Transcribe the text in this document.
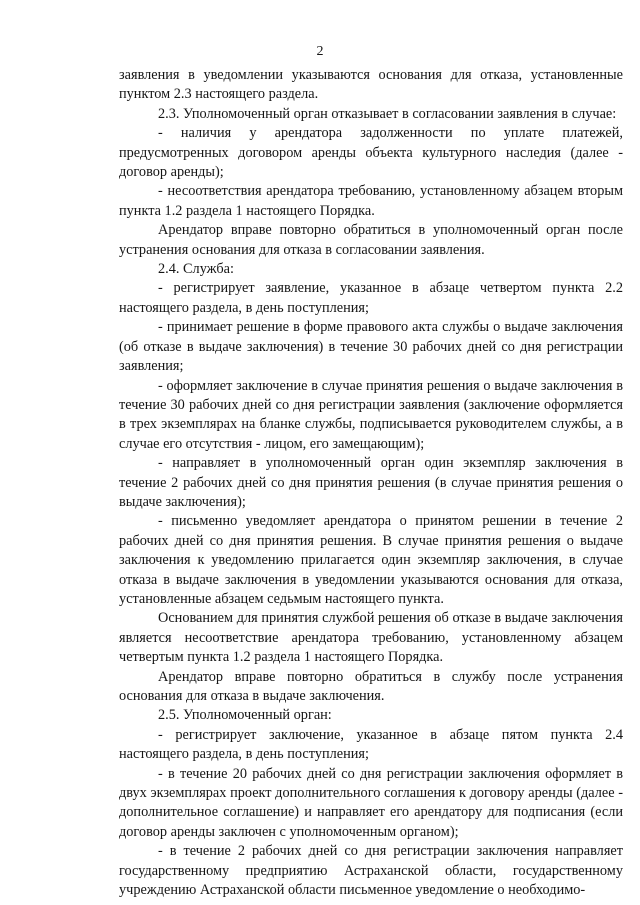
2

заявления в уведомлении указываются основания для отказа, установленные пунктом 2.3 настоящего раздела.

2.3. Уполномоченный орган отказывает в согласовании заявления в случае:

- наличия у арендатора задолженности по уплате платежей, предусмотренных договором аренды объекта культурного наследия (далее - договор аренды);

- несоответствия арендатора требованию, установленному абзацем вторым пункта 1.2 раздела 1 настоящего Порядка.

Арендатор вправе повторно обратиться в уполномоченный орган после устранения основания для отказа в согласовании заявления.

2.4. Служба:

- регистрирует заявление, указанное в абзаце четвертом пункта 2.2 настоящего раздела, в день поступления;

- принимает решение в форме правового акта службы о выдаче заключения (об отказе в выдаче заключения) в течение 30 рабочих дней со дня регистрации заявления;

- оформляет заключение в случае принятия решения о выдаче заключения в течение 30 рабочих дней со дня регистрации заявления (заключение оформляется в трех экземплярах на бланке службы, подписывается руководителем службы, а в случае его отсутствия - лицом, его замещающим);

- направляет в уполномоченный орган один экземпляр заключения в течение 2 рабочих дней со дня принятия решения (в случае принятия решения о выдаче заключения);

- письменно уведомляет арендатора о принятом решении в течение 2 рабочих дней со дня принятия решения. В случае принятия решения о выдаче заключения к уведомлению прилагается один экземпляр заключения, в случае отказа в выдаче заключения в уведомлении указываются основания для отказа, установленные абзацем седьмым настоящего пункта.

Основанием для принятия службой решения об отказе в выдаче заключения является несоответствие арендатора требованию, установленному абзацем четвертым пункта 1.2 раздела 1 настоящего Порядка.

Арендатор вправе повторно обратиться в службу после устранения основания для отказа в выдаче заключения.

2.5. Уполномоченный орган:

- регистрирует заключение, указанное в абзаце пятом пункта 2.4 настоящего раздела, в день поступления;

- в течение 20 рабочих дней со дня регистрации заключения оформляет в двух экземплярах проект дополнительного соглашения к договору аренды (далее - дополнительное соглашение) и направляет его арендатору для подписания (если договор аренды заключен с уполномоченным органом);

- в течение 2 рабочих дней со дня регистрации заключения направляет государственному предприятию Астраханской области, государственному учреждению Астраханской области письменное уведомление о необходимо-
